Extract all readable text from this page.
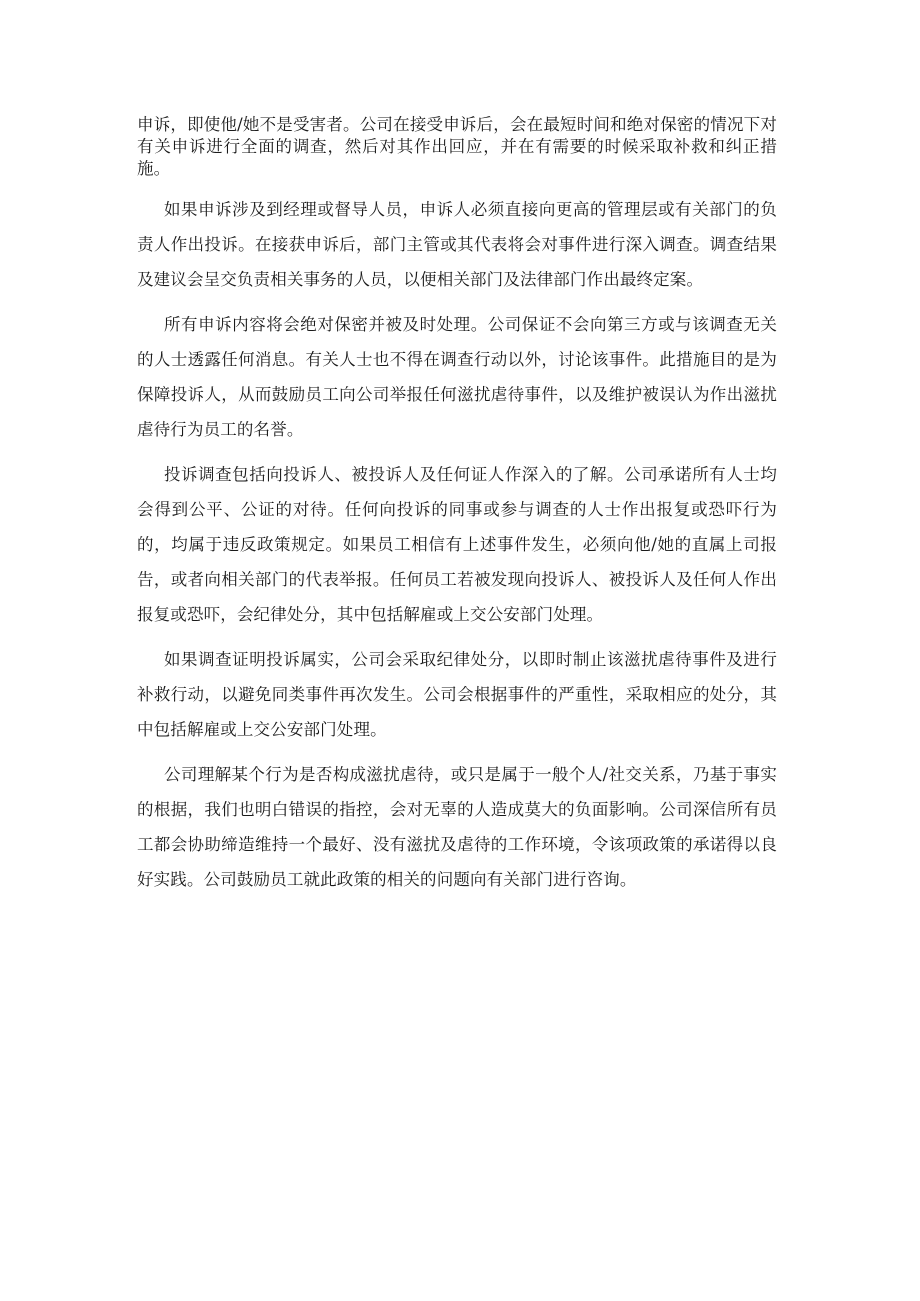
申诉，即使他/她不是受害者。公司在接受申诉后，会在最短时间和绝对保密的情况下对有关申诉进行全面的调查，然后对其作出回应，并在有需要的时候采取补救和纠正措施。

如果申诉涉及到经理或督导人员，申诉人必须直接向更高的管理层或有关部门的负责人作出投诉。在接获申诉后，部门主管或其代表将会对事件进行深入调查。调查结果及建议会呈交负责相关事务的人员，以便相关部门及法律部门作出最终定案。

所有申诉内容将会绝对保密并被及时处理。公司保证不会向第三方或与该调查无关的人士透露任何消息。有关人士也不得在调查行动以外，讨论该事件。此措施目的是为保障投诉人，从而鼓励员工向公司举报任何滋扰虐待事件，以及维护被误认为作出滋扰虐待行为员工的名誉。

投诉调查包括向投诉人、被投诉人及任何证人作深入的了解。公司承诺所有人士均会得到公平、公证的对待。任何向投诉的同事或参与调查的人士作出报复或恐吓行为的，均属于违反政策规定。如果员工相信有上述事件发生，必须向他/她的直属上司报告，或者向相关部门的代表举报。任何员工若被发现向投诉人、被投诉人及任何人作出报复或恐吓，会纪律处分，其中包括解雇或上交公安部门处理。

如果调查证明投诉属实，公司会采取纪律处分，以即时制止该滋扰虐待事件及进行补救行动，以避免同类事件再次发生。公司会根据事件的严重性，采取相应的处分，其中包括解雇或上交公安部门处理。

公司理解某个行为是否构成滋扰虐待，或只是属于一般个人/社交关系，乃基于事实的根据，我们也明白错误的指控，会对无辜的人造成莫大的负面影响。公司深信所有员工都会协助缔造维持一个最好、没有滋扰及虐待的工作环境，令该项政策的承诺得以良好实践。公司鼓励员工就此政策的相关的问题向有关部门进行咨询。
